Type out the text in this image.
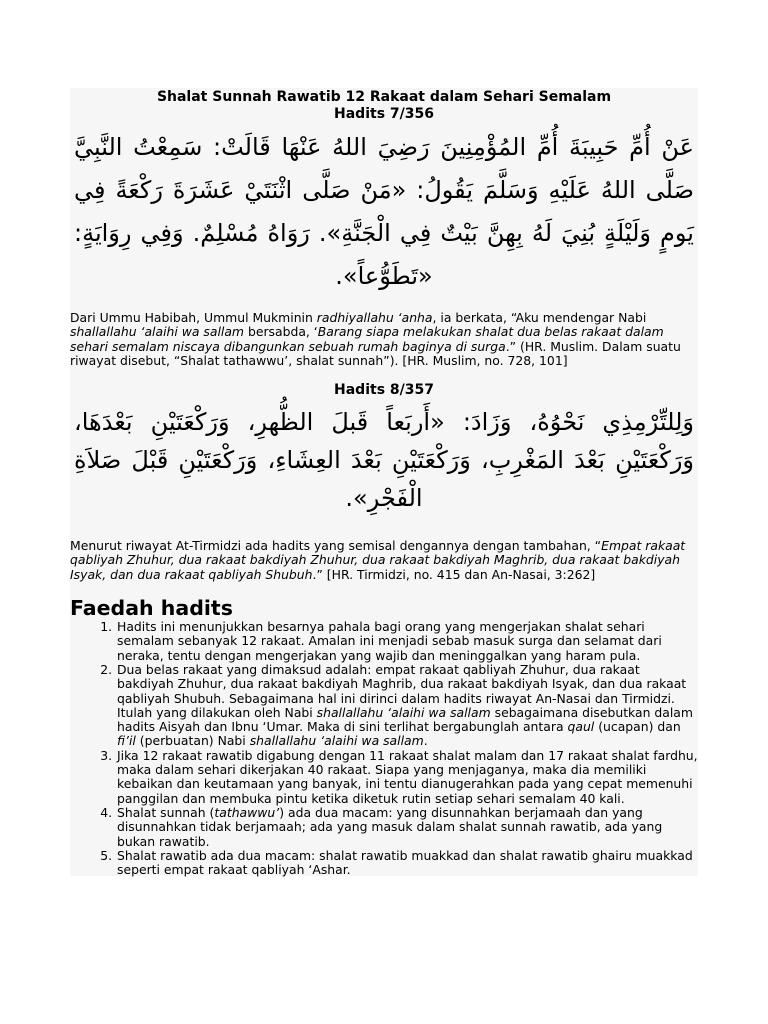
Shalat Sunnah Rawatib 12 Rakaat dalam Sehari Semalam
Hadits 7/356
عَنْ أُمِّ حَبِيبَةَ أُمِّ المُؤْمِنِينَ رَضِيَ اللهُ عَنْهَا قَالَتْ: سَمِعْتُ النَّبِيَّ صَلَّى اللهُ عَلَيْهِ وَسَلَّمَ يَقُولُ: «مَنْ صَلَّى اثْنَتَيْ عَشَرَةَ رَكْعَةً فِي يَومٍ وَلَيْلَةٍ بُنِيَ لَهُ بِهِنَّ بَيْتٌ فِي الْجَنَّةِ». رَوَاهُ مُسْلِمٌ. وَفِي رِوَايَةٍ: «تَطَوُّعاً».

Dari Ummu Habibah, Ummul Mukminin radhiyallahu ‘anha, ia berkata, “Aku mendengar Nabi shallallahu ‘alaihi wa sallam bersabda, ‘Barang siapa melakukan shalat dua belas rakaat dalam sehari semalam niscaya dibangunkan sebuah rumah baginya di surga.” (HR. Muslim. Dalam suatu riwayat disebut, “Shalat tathawwu’, shalat sunnah”). [HR. Muslim, no. 728, 101]

Hadits 8/357
وَلِلتِّرْمِذِي نَحْوُهُ، وَزَادَ: «أَربَعاً قَبلَ الظُّهرِ، وَرَكْعَتَيْنِ بَعْدَهَا، وَرَكْعَتَيْنِ بَعْدَ المَغْرِبِ، وَرَكْعَتَيْنِ بَعْدَ العِشَاءِ، وَرَكْعَتَيْنِ قَبْلَ صَلاَةِ الْفَجْرِ».

Menurut riwayat At-Tirmidzi ada hadits yang semisal dengannya dengan tambahan, “Empat rakaat qabliyah Zhuhur, dua rakaat bakdiyah Zhuhur, dua rakaat bakdiyah Maghrib, dua rakaat bakdiyah Isyak, dan dua rakaat qabliyah Shubuh.” [HR. Tirmidzi, no. 415 dan An-Nasai, 3:262]

Faedah hadits
1. Hadits ini menunjukkan besarnya pahala bagi orang yang mengerjakan shalat sehari semalam sebanyak 12 rakaat. Amalan ini menjadi sebab masuk surga dan selamat dari neraka, tentu dengan mengerjakan yang wajib dan meninggalkan yang haram pula.
2. Dua belas rakaat yang dimaksud adalah: empat rakaat qabliyah Zhuhur, dua rakaat bakdiyah Zhuhur, dua rakaat bakdiyah Maghrib, dua rakaat bakdiyah Isyak, dan dua rakaat qabliyah Shubuh. Sebagaimana hal ini dirinci dalam hadits riwayat An-Nasai dan Tirmidzi. Itulah yang dilakukan oleh Nabi shallallahu ‘alaihi wa sallam sebagaimana disebutkan dalam hadits Aisyah dan Ibnu ‘Umar. Maka di sini terlihat bergabunglah antara qaul (ucapan) dan fi’il (perbuatan) Nabi shallallahu ‘alaihi wa sallam.
3. Jika 12 rakaat rawatib digabung dengan 11 rakaat shalat malam dan 17 rakaat shalat fardhu, maka dalam sehari dikerjakan 40 rakaat. Siapa yang menjaganya, maka dia memiliki kebaikan dan keutamaan yang banyak, ini tentu dianugerahkan pada yang cepat memenuhi panggilan dan membuka pintu ketika diketuk rutin setiap sehari semalam 40 kali.
4. Shalat sunnah (tathawwu’) ada dua macam: yang disunnahkan berjamaah dan yang disunnahkan tidak berjamaah; ada yang masuk dalam shalat sunnah rawatib, ada yang bukan rawatib.
5. Shalat rawatib ada dua macam: shalat rawatib muakkad dan shalat rawatib ghairu muakkad seperti empat rakaat qabliyah ‘Ashar.
